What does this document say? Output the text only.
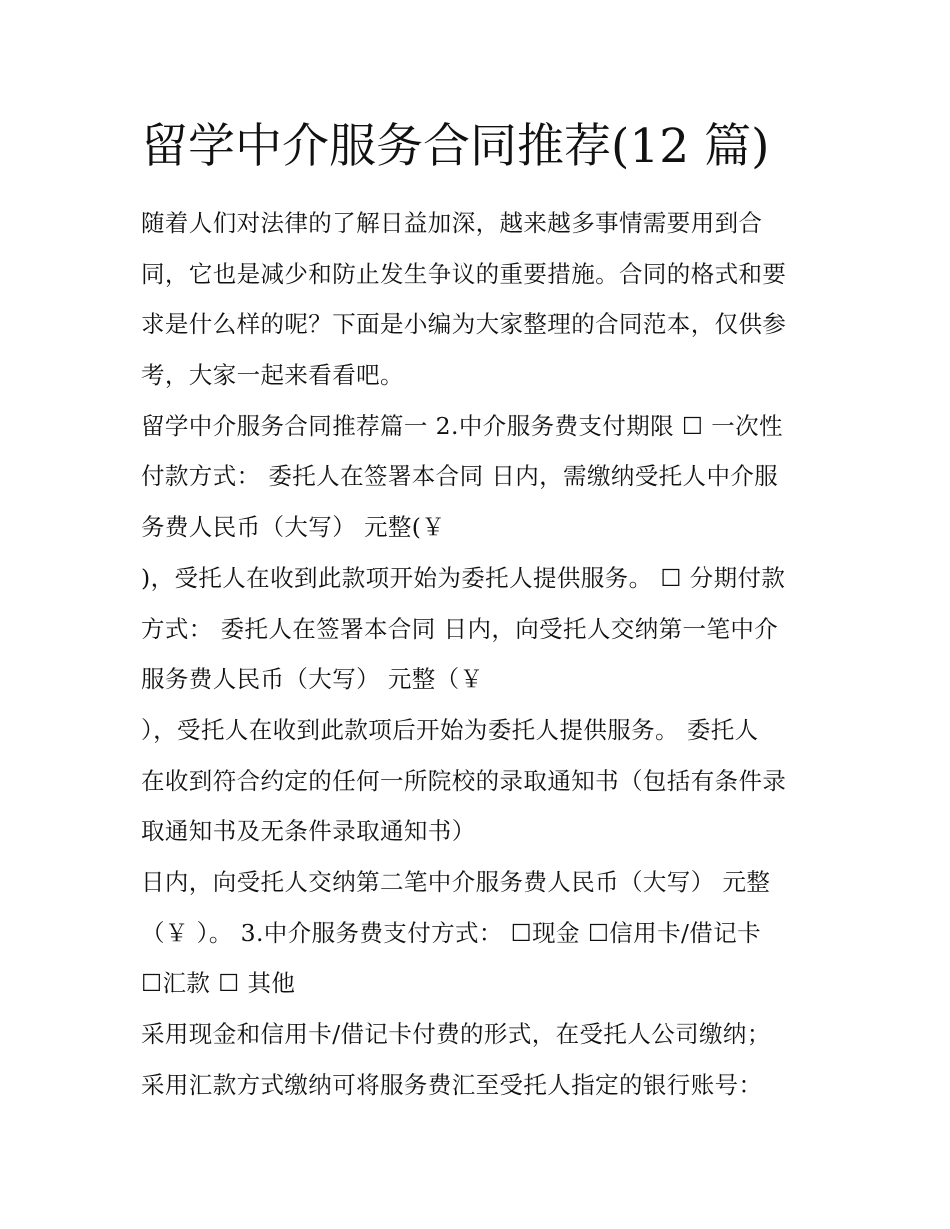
留学中介服务合同推荐(12 篇)
随着人们对法律的了解日益加深，越来越多事情需要用到合
同，它也是减少和防止发生争议的重要措施。合同的格式和要
求是什么样的呢？下面是小编为大家整理的合同范本，仅供参
考，大家一起来看看吧。
留学中介服务合同推荐篇一 2.中介服务费支付期限 ☐ 一次性
付款方式： 委托人在签署本合同 日内，需缴纳受托人中介服
务费人民币（大写） 元整(￥
)，受托人在收到此款项开始为委托人提供服务。 ☐ 分期付款
方式： 委托人在签署本合同 日内，向受托人交纳第一笔中介
服务费人民币（大写） 元整（￥
），受托人在收到此款项后开始为委托人提供服务。 委托人
在收到符合约定的任何一所院校的录取通知书（包括有条件录
取通知书及无条件录取通知书）
日内，向受托人交纳第二笔中介服务费人民币（大写） 元整
（￥ ）。 3.中介服务费支付方式： ☐现金 ☐信用卡/借记卡
☐汇款 ☐ 其他
采用现金和信用卡/借记卡付费的形式，在受托人公司缴纳；
采用汇款方式缴纳可将服务费汇至受托人指定的银行账号：
